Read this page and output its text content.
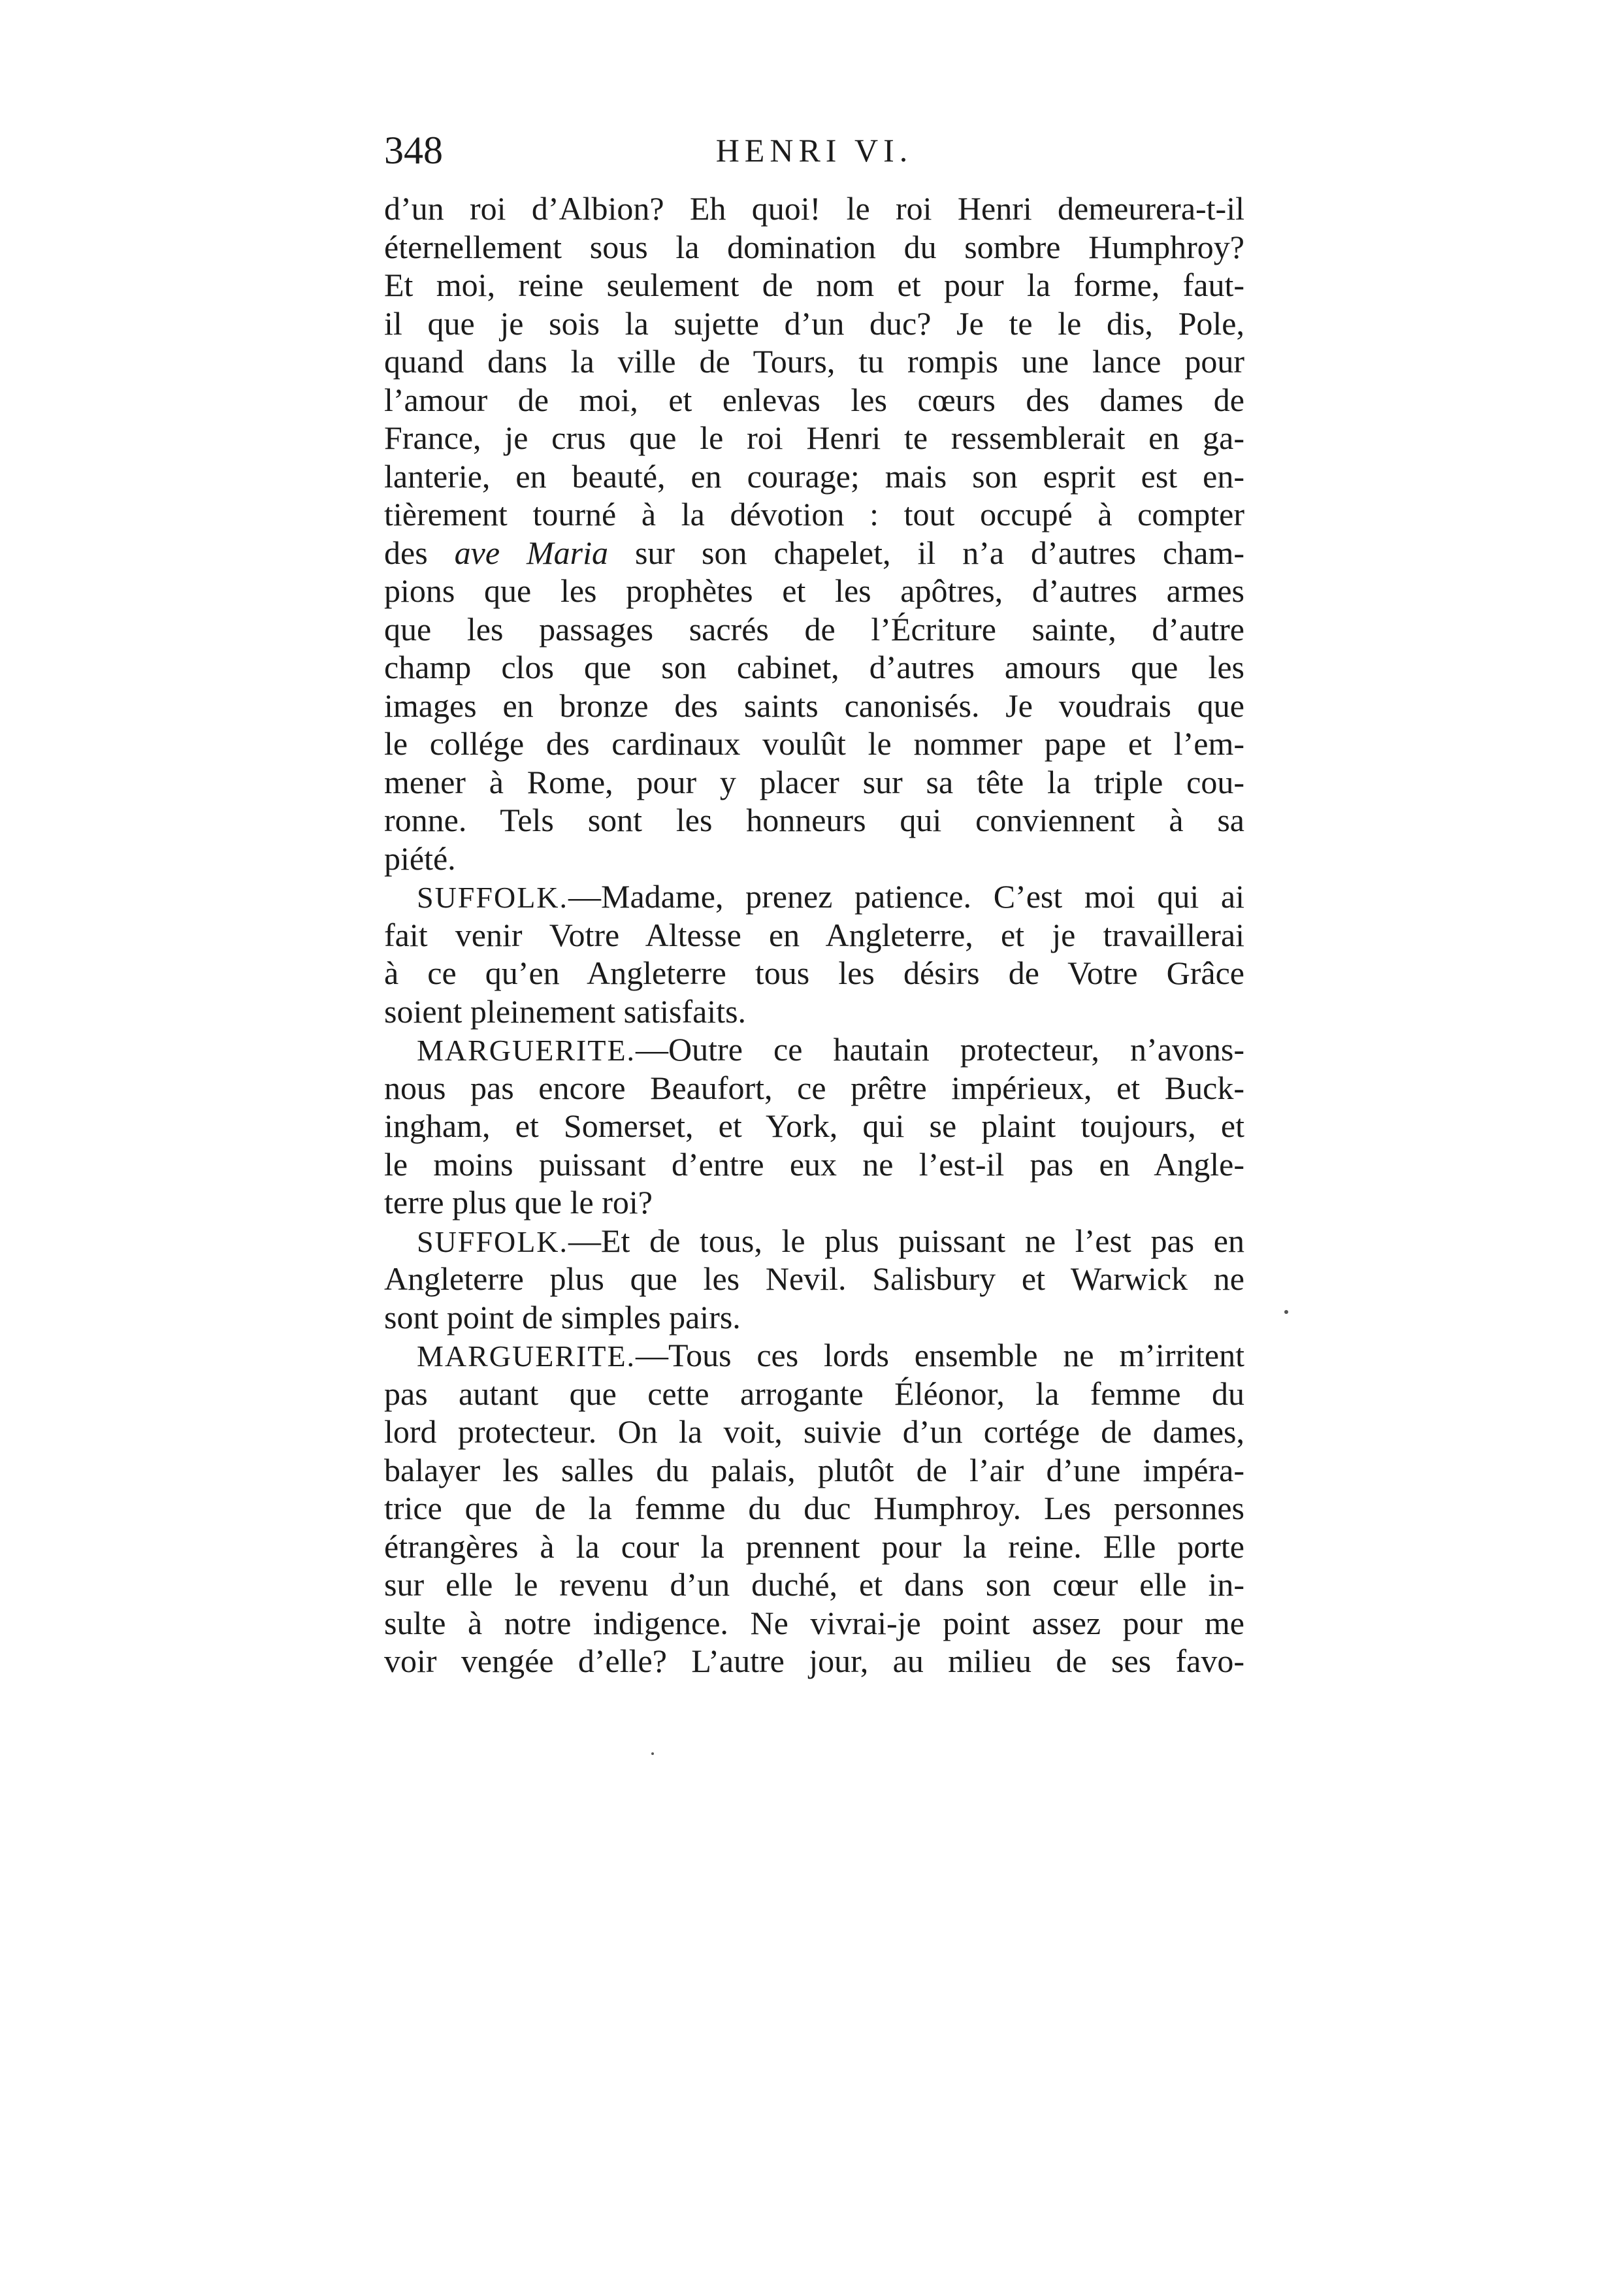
348	HENRI VI.
d’un roi d’Albion? Eh quoi! le roi Henri demeurera-t-il
éternellement sous la domination du sombre Humphroy?
Et moi, reine seulement de nom et pour la forme, faut-
il que je sois la sujette d’un duc? Je te le dis, Pole,
quand dans la ville de Tours, tu rompis une lance pour
l’amour de moi, et enlevas les cœurs des dames de
France, je crus que le roi Henri te ressemblerait en ga-
lanterie, en beauté, en courage; mais son esprit est en-
tièrement tourné à la dévotion : tout occupé à compter
des ave Maria sur son chapelet, il n’a d’autres cham-
pions que les prophètes et les apôtres, d’autres armes
que les passages sacrés de l’Écriture sainte, d’autre
champ clos que son cabinet, d’autres amours que les
images en bronze des saints canonisés. Je voudrais que
le collége des cardinaux voulût le nommer pape et l’em-
mener à Rome, pour y placer sur sa tête la triple cou-
ronne. Tels sont les honneurs qui conviennent à sa
piété.
SUFFOLK.—Madame, prenez patience. C’est moi qui ai
fait venir Votre Altesse en Angleterre, et je travaillerai
à ce qu’en Angleterre tous les désirs de Votre Grâce
soient pleinement satisfaits.
MARGUERITE.—Outre ce hautain protecteur, n’avons-
nous pas encore Beaufort, ce prêtre impérieux, et Buck-
ingham, et Somerset, et York, qui se plaint toujours, et
le moins puissant d’entre eux ne l’est-il pas en Angle-
terre plus que le roi?
SUFFOLK.—Et de tous, le plus puissant ne l’est pas en
Angleterre plus que les Nevil. Salisbury et Warwick ne
sont point de simples pairs.
MARGUERITE.—Tous ces lords ensemble ne m’irritent
pas autant que cette arrogante Éléonor, la femme du
lord protecteur. On la voit, suivie d’un cortége de dames,
balayer les salles du palais, plutôt de l’air d’une impéra-
trice que de la femme du duc Humphroy. Les personnes
étrangères à la cour la prennent pour la reine. Elle porte
sur elle le revenu d’un duché, et dans son cœur elle in-
sulte à notre indigence. Ne vivrai-je point assez pour me
voir vengée d’elle? L’autre jour, au milieu de ses favo-
